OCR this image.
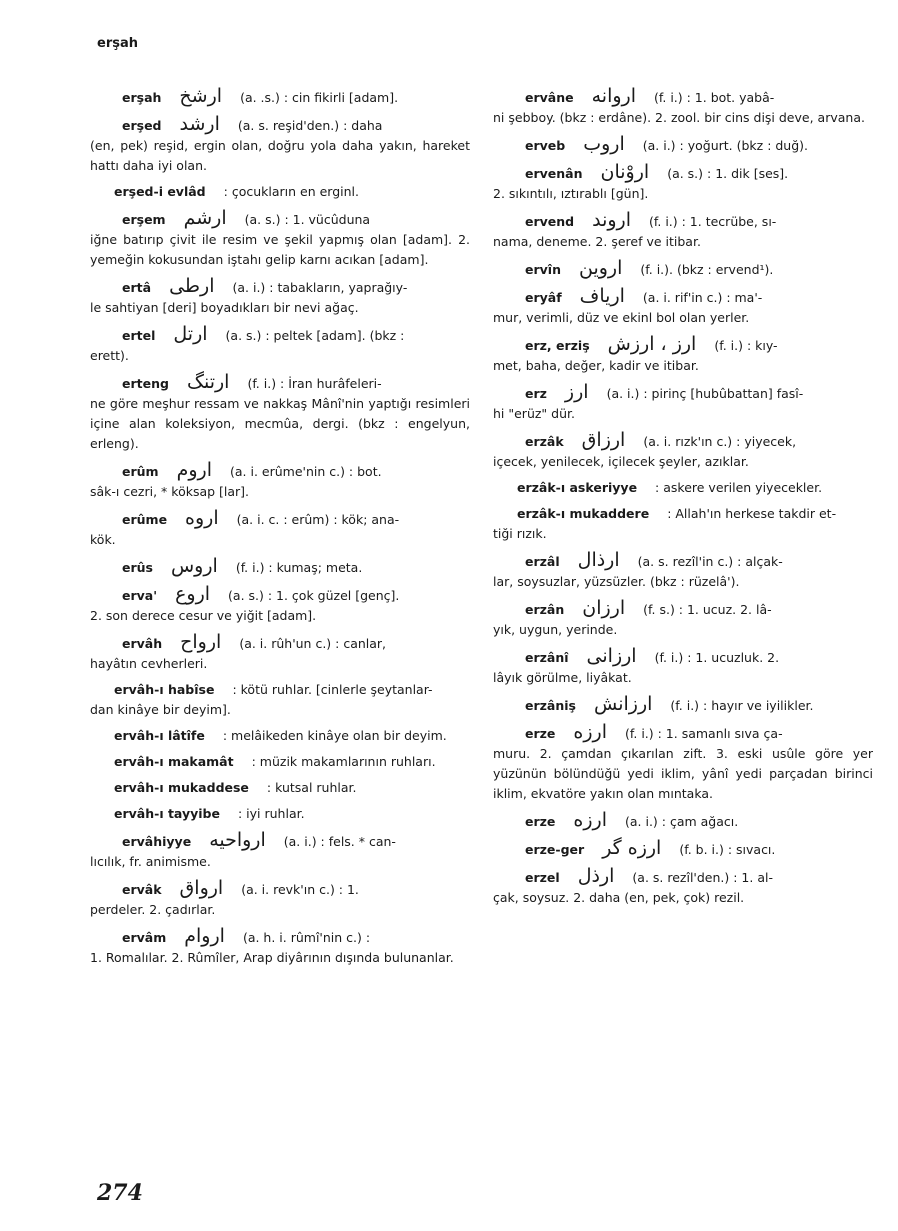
erşah
erşah ارشخ (a. .s.) : cin fikirli [adam].
erşed ارشد (a. s. reşid'den.) : daha
(en, pek) reşid, ergin olan, doğru yola daha yakın, hareket hattı daha iyi olan.
erşed-i evlâd : çocukların en erginl.
erşem ارشم (a. s.) : 1. vücûduna
iğne batırıp çivit ile resim ve şekil yapmış olan [adam]. 2. yemeğin kokusundan iştahı gelip karnı acıkan [adam].
ertâ ارطی (a. i.) : tabakların, yaprağıy-
le sahtiyan [deri] boyadıkları bir nevi ağaç.
ertel ارتل (a. s.) : peltek [adam]. (bkz :
erett).
erteng ارتنگ (f. i.) : İran hurâfeleri-
ne göre meşhur ressam ve nakkaş Mânî'nin yaptığı resimleri içine alan koleksiyon, mecmûa, dergi. (bkz : engelyun, erleng).
erûm اروم (a. i. erûme'nin c.) : bot.
sâk-ı cezri, * köksap [lar].
erûme اروه (a. i. c. : erûm) : kök; ana-
kök.
erûs اروس (f. i.) : kumaş; meta.
erva' اروع (a. s.) : 1. çok güzel [genç].
2. son derece cesur ve yiğit [adam].
ervâh ارواح (a. i. rûh'un c.) : canlar,
hayâtın cevherleri.
ervâh-ı habîse : kötü ruhlar. [cinlerle şeytanlar-
dan kinâye bir deyim].
ervâh-ı lâtîfe : melâikeden kinâye olan bir deyim.
ervâh-ı makamât : müzik makamlarının ruhları.
ervâh-ı mukaddese : kutsal ruhlar.
ervâh-ı tayyibe : iyi ruhlar.
ervâhiyye ارواحیه (a. i.) : fels. * can-
lıcılık, fr. animisme.
ervâk ارواق (a. i. revk'ın c.) : 1.
perdeler. 2. çadırlar.
ervâm اروام (a. h. i. rûmî'nin c.) :
1. Romalılar. 2. Rûmîler, Arap diyârının dışında bulunanlar.
ervâne اروانه (f. i.) : 1. bot. yabâ-
ni şebboy. (bkz : erdâne). 2. zool. bir cins dişi deve, arvana.
erveb اروب (a. i.) : yoğurt. (bkz : duğ).
ervenân اروْنان (a. s.) : 1. dik [ses].
2. sıkıntılı, ıztırablı [gün].
ervend اروند (f. i.) : 1. tecrübe, sı-
nama, deneme. 2. şeref ve itibar.
ervîn اروین (f. i.). (bkz : ervend¹).
eryâf ارياف (a. i. rif'in c.) : ma'-
mur, verimli, düz ve ekinl bol olan yerler.
erz, erziş ارز ، ارزش (f. i.) : kıy-
met, baha, değer, kadir ve itibar.
erz ارز (a. i.) : pirinç [hubûbattan] fasî-
hi "erüz" dür.
erzâk ارزاق (a. i. rızk'ın c.) : yiyecek,
içecek, yenilecek, içilecek şeyler, azıklar.
erzâk-ı askeriyye : askere verilen yiyecekler.
erzâk-ı mukaddere : Allah'ın herkese takdir et-
tiği rızık.
erzâl ارذال (a. s. rezîl'in c.) : alçak-
lar, soysuzlar, yüzsüzler. (bkz : rüzelâ').
erzân ارزان (f. s.) : 1. ucuz. 2. lâ-
yık, uygun, yerinde.
erzânî ارزانی (f. i.) : 1. ucuzluk. 2.
lâyık görülme, liyâkat.
erzâniş ارزانش (f. i.) : hayır ve iyilikler.
erze ارزه (f. i.) : 1. samanlı sıva ça-
muru. 2. çamdan çıkarılan zift. 3. eski usûle göre yer yüzünün bölündüğü yedi iklim, yânî yedi parçadan birinci iklim, ekvatöre yakın olan mıntaka.
erze ارزه (a. i.) : çam ağacı.
erze-ger ارزه گر (f. b. i.) : sıvacı.
erzel ارذل (a. s. rezîl'den.) : 1. al-
çak, soysuz. 2. daha (en, pek, çok) rezil.
274
